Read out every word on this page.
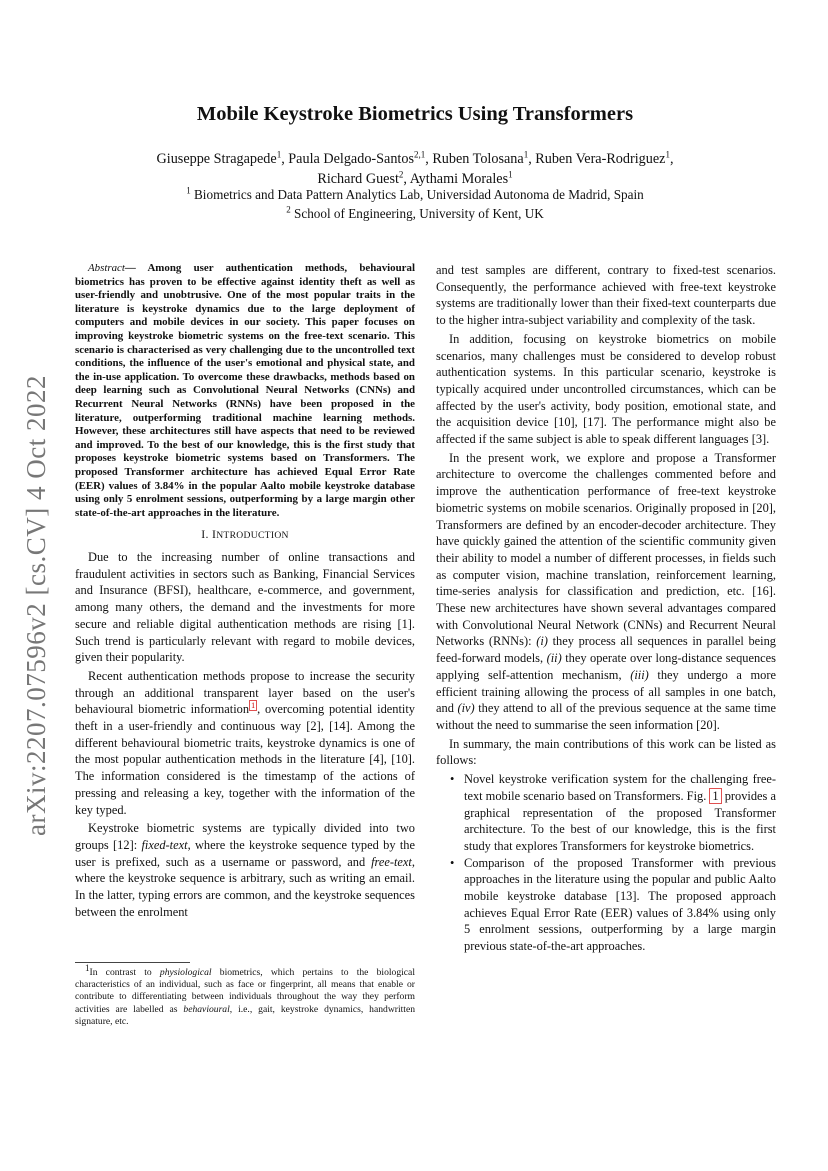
arXiv:2207.07596v2 [cs.CV] 4 Oct 2022
Mobile Keystroke Biometrics Using Transformers
Giuseppe Stragapede$^1$, Paula Delgado-Santos$^{2,1}$, Ruben Tolosana$^1$, Ruben Vera-Rodriguez$^1$,
Richard Guest$^2$, Aythami Morales$^1$
$^1$ Biometrics and Data Pattern Analytics Lab, Universidad Autonoma de Madrid, Spain
$^2$ School of Engineering, University of Kent, UK

Abstract— Among user authentication methods, behavioural biometrics has proven to be effective against identity theft as well as user-friendly and unobtrusive. One of the most popular traits in the literature is keystroke dynamics due to the large deployment of computers and mobile devices in our society. This paper focuses on improving keystroke biometric systems on the free-text scenario. This scenario is characterised as very challenging due to the uncontrolled text conditions, the influence of the user's emotional and physical state, and the in-use application. To overcome these drawbacks, methods based on deep learning such as Convolutional Neural Networks (CNNs) and Recurrent Neural Networks (RNNs) have been proposed in the literature, outperforming traditional machine learning methods. However, these architectures still have aspects that need to be reviewed and improved. To the best of our knowledge, this is the first study that proposes keystroke biometric systems based on Transformers. The proposed Transformer architecture has achieved Equal Error Rate (EER) values of 3.84% in the popular Aalto mobile keystroke database using only 5 enrolment sessions, outperforming by a large margin other state-of-the-art approaches in the literature.

I. INTRODUCTION

Due to the increasing number of online transactions and fraudulent activities in sectors such as Banking, Financial Services and Insurance (BFSI), healthcare, e-commerce, and government, among many others, the demand and the investments for more secure and reliable digital authentication methods are rising [1]. Such trend is particularly relevant with regard to mobile devices, given their popularity.

Recent authentication methods propose to increase the security through an additional transparent layer based on the user's behavioural biometric information $^1$ , overcoming potential identity theft in a user-friendly and continuous way [2], [14]. Among the different behavioural biometric traits, keystroke dynamics is one of the most popular authentication methods in the literature [4], [10]. The information considered is the timestamp of the actions of pressing and releasing a key, together with the information of the key typed.

Keystroke biometric systems are typically divided into two groups [12]: fixed-text, where the keystroke sequence typed by the user is prefixed, such as a username or password, and free-text, where the keystroke sequence is arbitrary, such as writing an email. In the latter, typing errors are common, and the keystroke sequences between the enrolment

$^1$In contrast to physiological biometrics, which pertains to the biological characteristics of an individual, such as face or fingerprint, all means that enable or contribute to differentiating between individuals throughout the way they perform activities are labelled as behavioural, i.e., gait, keystroke dynamics, handwritten signature, etc.

and test samples are different, contrary to fixed-test scenarios. Consequently, the performance achieved with free-text keystroke systems are traditionally lower than their fixed-text counterparts due to the higher intra-subject variability and complexity of the task.

In addition, focusing on keystroke biometrics on mobile scenarios, many challenges must be considered to develop robust authentication systems. In this particular scenario, keystroke is typically acquired under uncontrolled circumstances, which can be affected by the user's activity, body position, emotional state, and the acquisition device [10], [17]. The performance might also be affected if the same subject is able to speak different languages [3].

In the present work, we explore and propose a Transformer architecture to overcome the challenges commented before and improve the authentication performance of free-text keystroke biometric systems on mobile scenarios. Originally proposed in [20], Transformers are defined by an encoder-decoder architecture. They have quickly gained the attention of the scientific community given their ability to model a number of different processes, in fields such as computer vision, machine translation, reinforcement learning, time-series analysis for classification and prediction, etc. [16]. These new architectures have shown several advantages compared with Convolutional Neural Network (CNNs) and Recurrent Neural Networks (RNNs): (i) they process all sequences in parallel being feed-forward models, (ii) they operate over long-distance sequences applying self-attention mechanism, (iii) they undergo a more efficient training allowing the process of all samples in one batch, and (iv) they attend to all of the previous sequence at the same time without the need to summarise the seen information [20].

In summary, the main contributions of this work can be listed as follows:

• Novel keystroke verification system for the challenging free-text mobile scenario based on Transformers. Fig. 1 provides a graphical representation of the proposed Transformer architecture. To the best of our knowledge, this is the first study that explores Transformers for keystroke biometrics.
• Comparison of the proposed Transformer with previous approaches in the literature using the popular and public Aalto mobile keystroke database [13]. The proposed approach achieves Equal Error Rate (EER) values of 3.84% using only 5 enrolment sessions, outperforming by a large margin previous state-of-the-art approaches.
